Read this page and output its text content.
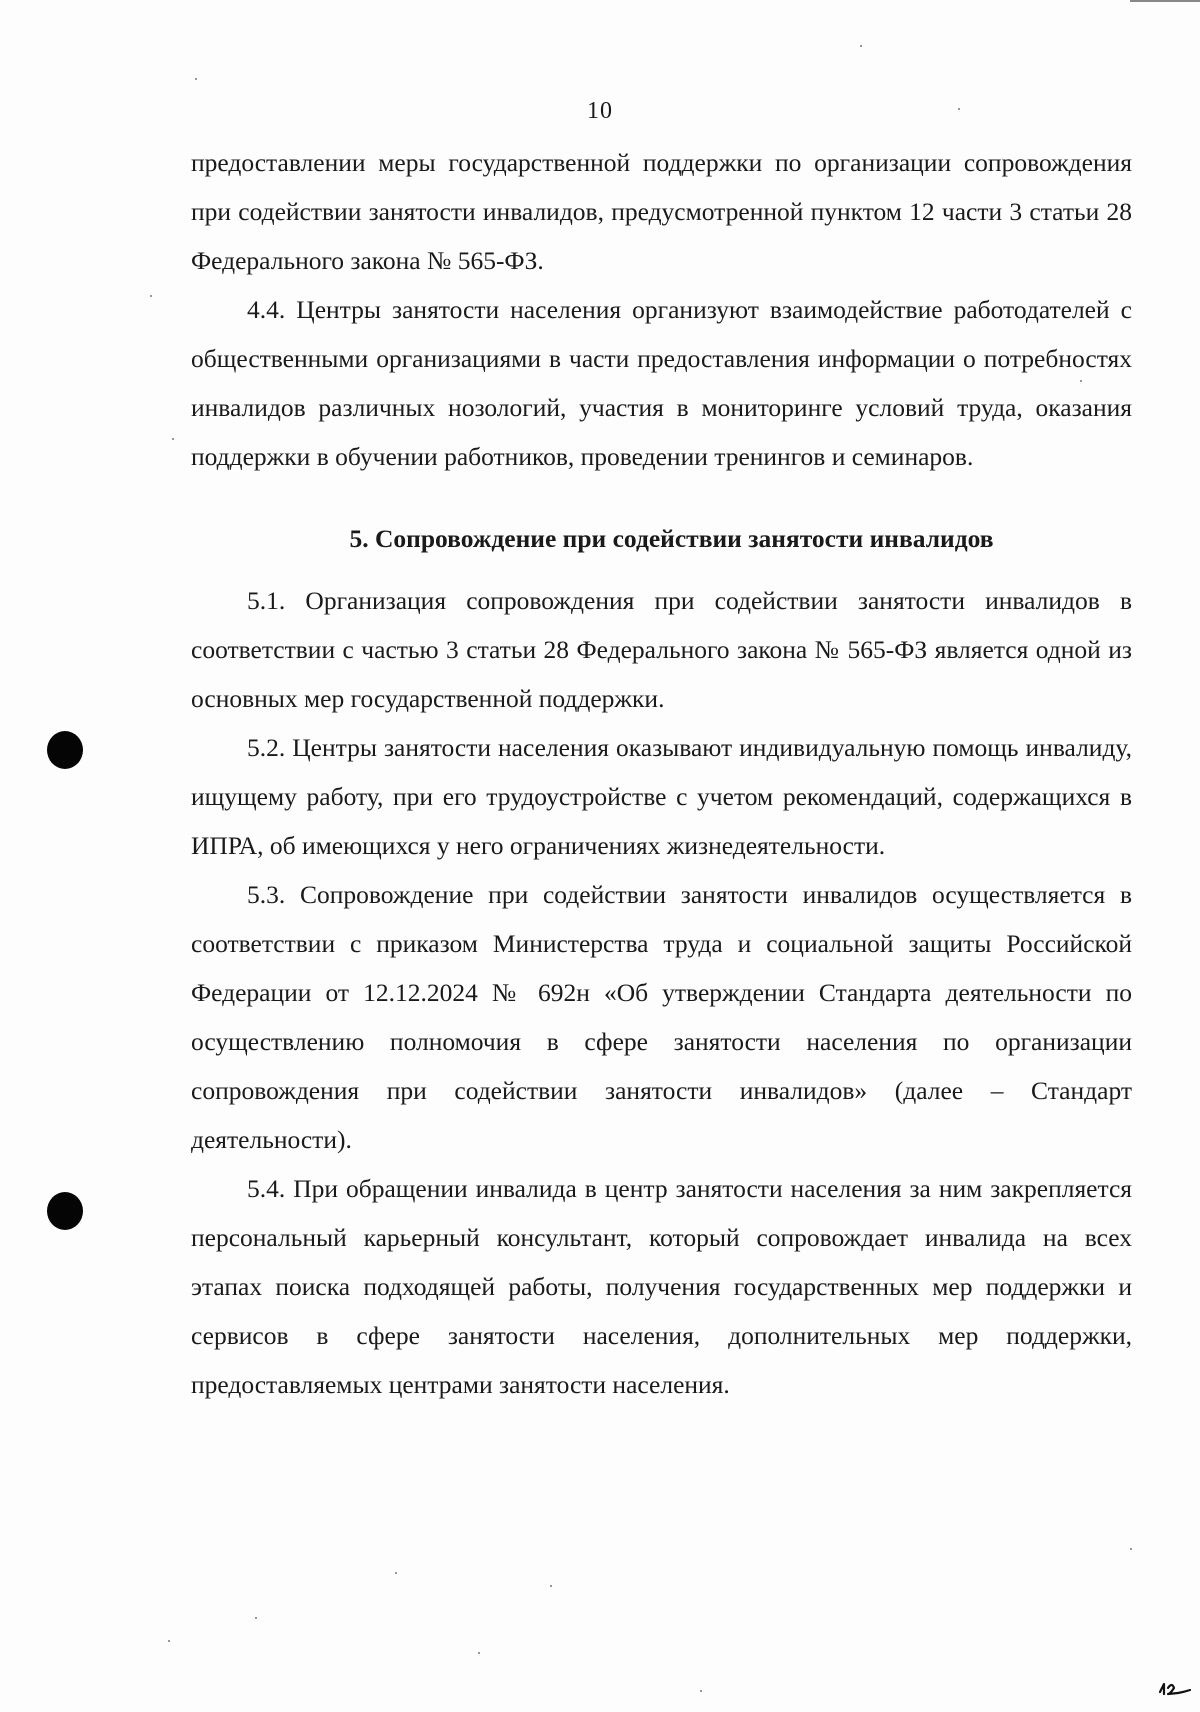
10

предоставлении меры государственной поддержки по организации сопровождения при содействии занятости инвалидов, предусмотренной пунктом 12 части 3 статьи 28 Федерального закона № 565-ФЗ.

4.4. Центры занятости населения организуют взаимодействие работодателей с общественными организациями в части предоставления информации о потребностях инвалидов различных нозологий, участия в мониторинге условий труда, оказания поддержки в обучении работников, проведении тренингов и семинаров.

5. Сопровождение при содействии занятости инвалидов

5.1. Организация сопровождения при содействии занятости инвалидов в соответствии с частью 3 статьи 28 Федерального закона № 565-ФЗ является одной из основных мер государственной поддержки.

5.2. Центры занятости населения оказывают индивидуальную помощь инвалиду, ищущему работу, при его трудоустройстве с учетом рекомендаций, содержащихся в ИПРА, об имеющихся у него ограничениях жизнедеятельности.

5.3. Сопровождение при содействии занятости инвалидов осуществляется в соответствии с приказом Министерства труда и социальной защиты Российской Федерации от 12.12.2024 № 692н «Об утверждении Стандарта деятельности по осуществлению полномочия в сфере занятости населения по организации сопровождения при содействии занятости инвалидов» (далее – Стандарт деятельности).

5.4. При обращении инвалида в центр занятости населения за ним закрепляется персональный карьерный консультант, который сопровождает инвалида на всех этапах поиска подходящей работы, получения государственных мер поддержки и сервисов в сфере занятости населения, дополнительных мер поддержки, предоставляемых центрами занятости населения.
